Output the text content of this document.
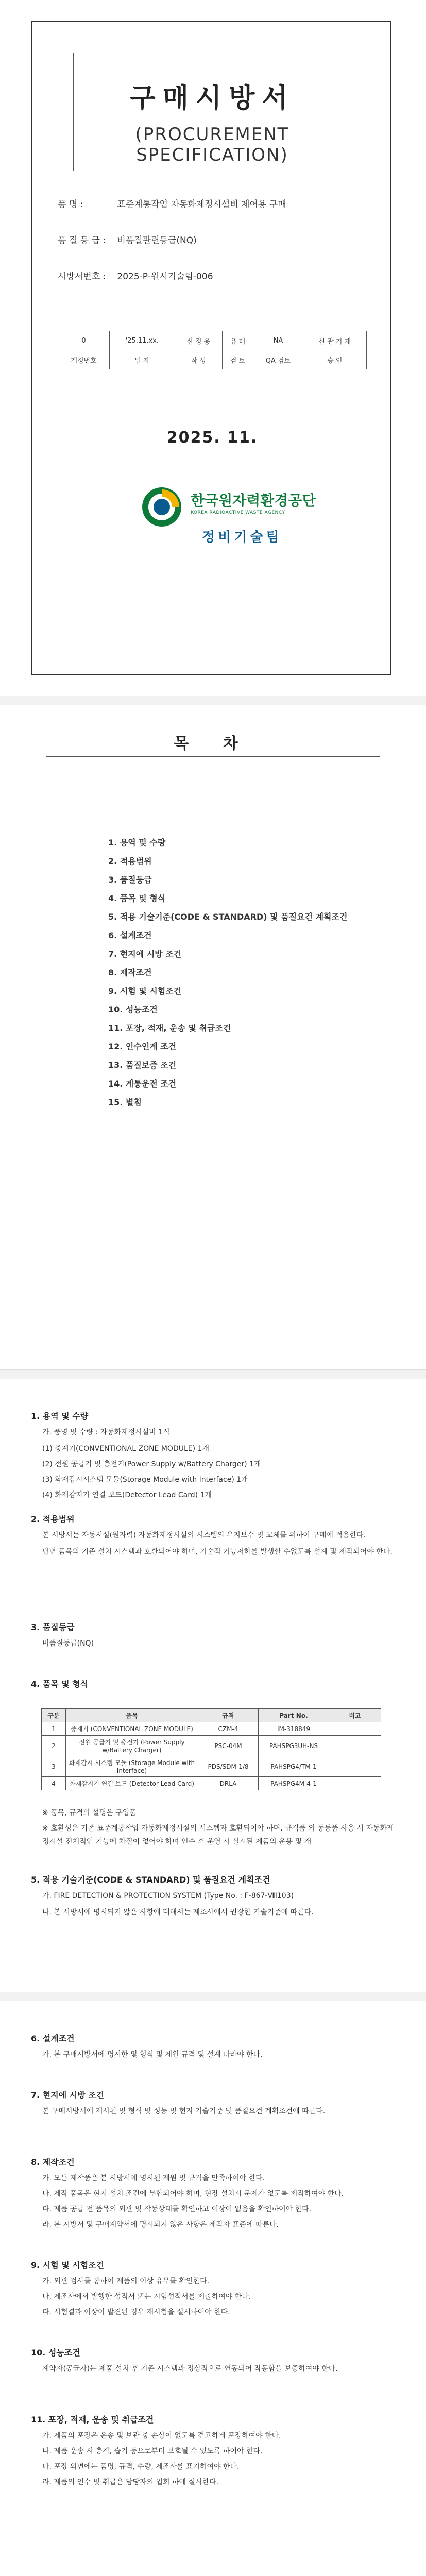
구매시방서
(PROCUREMENT SPECIFICATION)
품 명 :	표준계통작업 자동화제정시설비 제어용 구매
품 질 등 급 : 비품질관련등급(NQ)
시방서번호 : 2025-P-원시기술팀-006
0	'25.11.xx.	신 정 용	유 태	NA	신 관 기 재
개정번호	일 자	작 성	검 토	QA 검토	승 인
2025. 11.
한국원자력환경공단
KOREA RADIOACTIVE WASTE AGENCY
정비기술팀
목 차
1. 용역 및 수량
2. 적용범위
3. 품질등급
4. 품목 및 형식
5. 적용 기술기준(CODE & STANDARD) 및 품질요건 계획조건
6. 설계조건
7. 현지에 시방 조건
8. 제작조건
9. 시험 및 시험조건
10. 성능조건
11. 포장, 적재, 운송 및 취급조건
12. 인수인계 조건
13. 품질보증 조건
14. 계통운전 조건
15. 별첨
1. 용역 및 수량
가. 품명 및 수량 : 자동화제정시설비 1식
(1) 중계기(CONVENTIONAL ZONE MODULE) 1개
(2) 전원 공급기 및 충전기(Power Supply w/Battery Charger) 1개
(3) 화재감시시스템 모듈(Storage Module with Interface) 1개
(4) 화재감지기 연결 보드(Detector Lead Card) 1개
2. 적용범위
본 시방서는 자동시설(원자력) 자동화제정시설의 시스템의 유지보수 및 교체를 위하여 구매에 적용한다.
당면 품목의 기존 설치 시스템과 호환되어야 하며, 기술적 기능저하를 발생할 수없도록 설계 및 제작되어야 한다.
3. 품질등급
비품질등급(NQ)
4. 품목 및 형식
구분	품목	규격	Part No.	비고
1	중계기 (CONVENTIONAL ZONE MODULE)	CZM-4	IM-318849	
2	전원 공급기 및 충전기 (Power Supply w/Battery Charger)	PSC-04M	PAHSPG3UH-NS	
3	화재감시 시스템 모듈 (Storage Module with Interface)	PDS/SDM-1/8	PAHSPG4/TM-1	
4	화재감지기 연결 보드 (Detector Lead Card)	DRLA	PAHSPG4M-4-1	
※ 품목, 규격의 설명은 구입품
※ 호환성은 기존 표준계통작업 자동화제정시설의 시스템과 호환되어야 하며, 규격품 외 동등품 사용 시 자동화제정시설 전체적인 기능에 차질이 없어야 하며 인수 후 운영 시 실시된 제품의 운용 및 개
5. 적용 기술기준(CODE & STANDARD) 및 품질요건 계획조건
가. FIRE DETECTION & PROTECTION SYSTEM (Type No. : F-867-Ⅷ103)
나. 본 시방서에 명시되지 않은 사항에 대해서는 제조사에서 권장한 기술기준에 따른다.
6. 설계조건
가. 본 구매시방서에 명시한 및 형식 및 제원 규격 및 설계 따라야 한다.
7. 현지에 시방 조건
본 구매시방서에 제시된 및 형식 및 성능 및 현지 기술기준 및 품질요건 계획조건에 따른다.
8. 제작조건
가. 모든 제작품은 본 시방서에 명시된 제원 및 규격을 만족하여야 한다.
나. 제작 품목은 현지 설치 조건에 부합되어야 하며, 현장 설치시 문제가 없도록 제작하여야 한다.
다. 제품 공급 전 품목의 외관 및 작동상태를 확인하고 이상이 없음을 확인하여야 한다.
라. 본 시방서 및 구매계약서에 명시되지 않은 사항은 제작자 표준에 따른다.
9. 시험 및 시험조건
가. 외관 검사를 통하여 제품의 이상 유무를 확인한다.
나. 제조사에서 발행한 성적서 또는 시험성적서를 제출하여야 한다.
다. 시험결과 이상이 발견된 경우 재시험을 실시하여야 한다.
10. 성능조건
계약자(공급자)는 제품 설치 후 기존 시스템과 정상적으로 연동되어 작동함을 보증하여야 한다.
11. 포장, 적재, 운송 및 취급조건
가. 제품의 포장은 운송 및 보관 중 손상이 없도록 견고하게 포장하여야 한다.
나. 제품 운송 시 충격, 습기 등으로부터 보호될 수 있도록 하여야 한다.
다. 포장 외면에는 품명, 규격, 수량, 제조사를 표기하여야 한다.
라. 제품의 인수 및 취급은 담당자의 입회 하에 실시한다.
